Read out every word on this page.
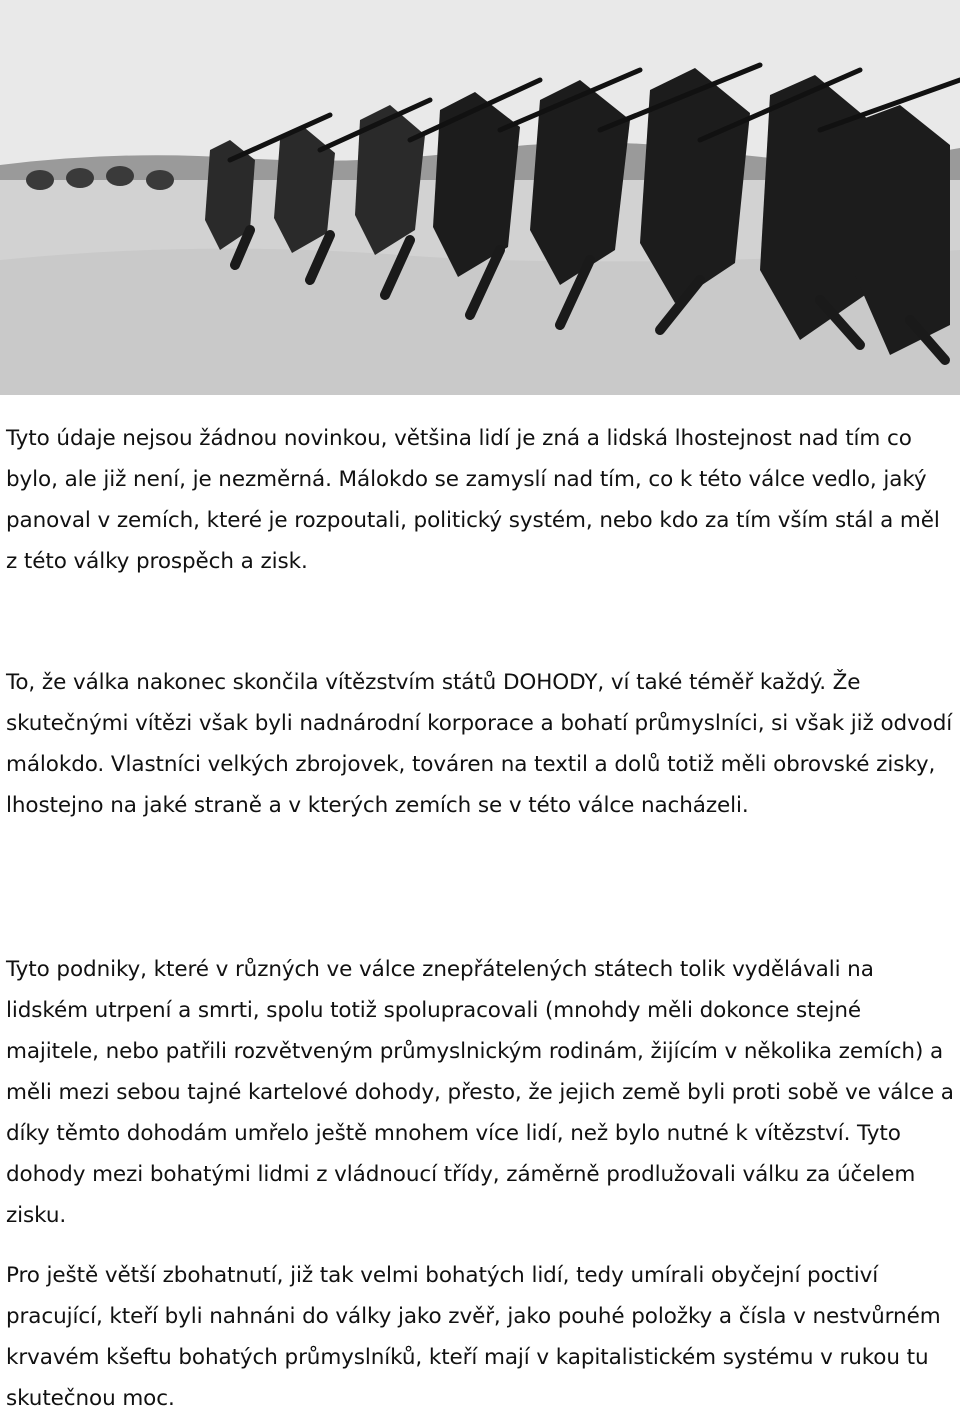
Tyto údaje nejsou žádnou novinkou, většina lidí je zná a lidská lhostejnost nad tím co bylo, ale již není, je nezměrná. Málokdo se zamyslí nad tím, co k této válce vedlo, jaký panoval v zemích, které je rozpoutali, politický systém, nebo kdo za tím vším stál a měl z této války prospěch a zisk.

To, že válka nakonec skončila vítězstvím států DOHODY, ví také téměř každý. Že skutečnými vítězi však byli nadnárodní korporace a bohatí průmyslníci, si však již odvodí málokdo. Vlastníci velkých zbrojovek, továren na textil a dolů totiž měli obrovské zisky, lhostejno na jaké straně a v kterých zemích se v této válce nacházeli.

Tyto podniky, které v různých ve válce znepřátelených státech tolik vydělávali na lidském utrpení a smrti, spolu totiž spolupracovali (mnohdy měli dokonce stejné majitele, nebo patřili rozvětveným průmyslnickým rodinám, žijícím v několika zemích) a měli mezi sebou tajné kartelové dohody, přesto, že jejich země byli proti sobě ve válce a díky těmto dohodám umřelo ještě mnohem více lidí, než bylo nutné k vítězství. Tyto dohody mezi bohatými lidmi z vládnoucí třídy, záměrně prodlužovali válku za účelem zisku.

Pro ještě větší zbohatnutí, již tak velmi bohatých lidí, tedy umírali obyčejní poctiví pracující, kteří byli nahnáni do války jako zvěř, jako pouhé položky a čísla v nestvůrném krvavém kšeftu bohatých průmyslníků, kteří mají v kapitalistickém systému v rukou tu skutečnou moc.
